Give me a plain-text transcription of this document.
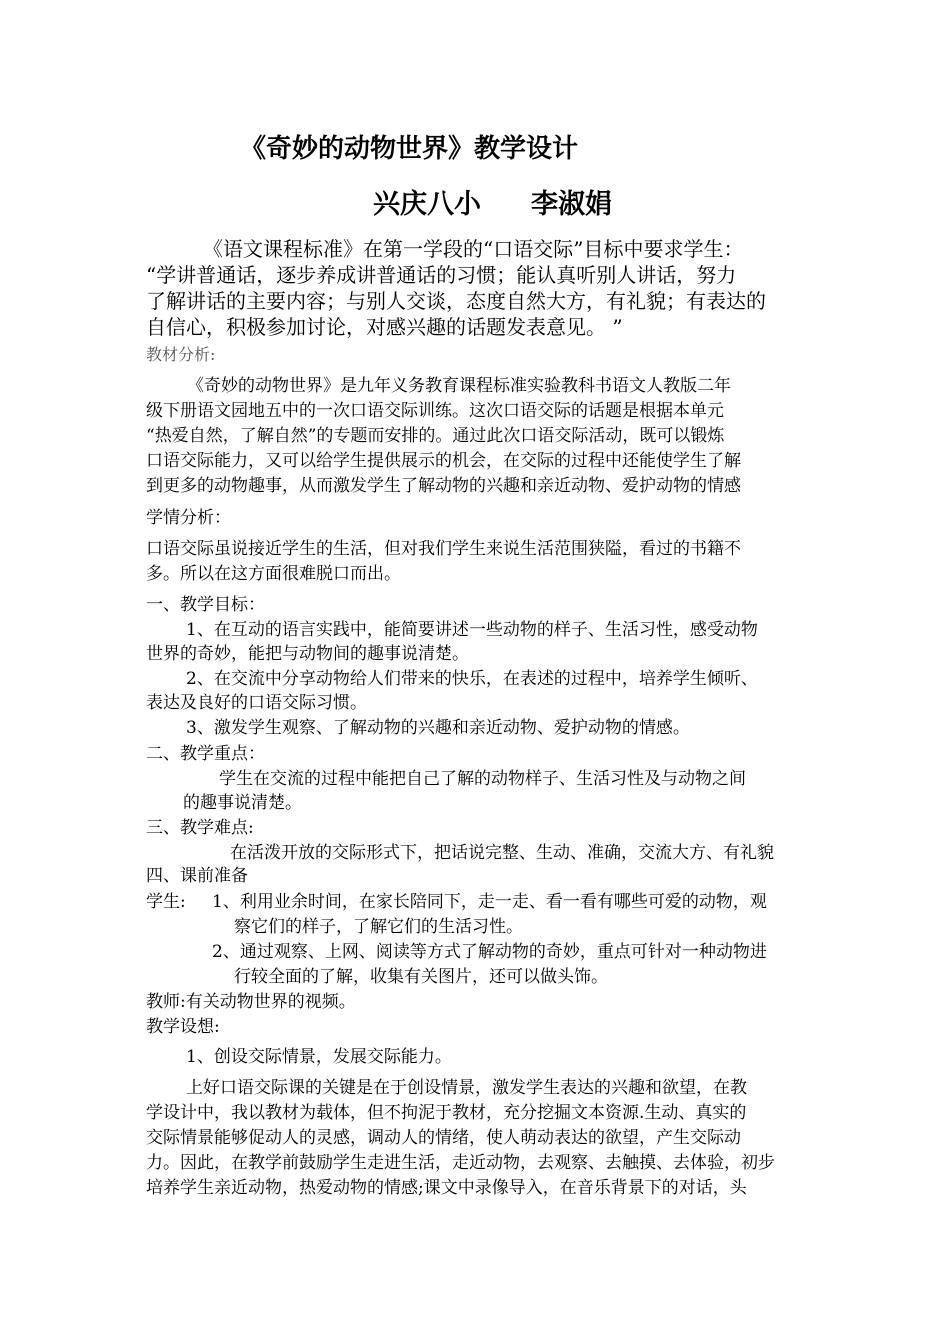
《奇妙的动物世界》教学设计
兴庆八小 李淑娟
《语文课程标准》在第一学段的“口语交际”目标中要求学生：
“学讲普通话，逐步养成讲普通话的习惯；能认真听别人讲话，努力
了解讲话的主要内容；与别人交谈，态度自然大方，有礼貌；有表达的
自信心，积极参加讨论，对感兴趣的话题发表意见。 ”
教材分析:
《奇妙的动物世界》是九年义务教育课程标准实验教科书语文人教版二年
级下册语文园地五中的一次口语交际训练。这次口语交际的话题是根据本单元
“热爱自然，了解自然”的专题而安排的。通过此次口语交际活动，既可以锻炼
口语交际能力，又可以给学生提供展示的机会，在交际的过程中还能使学生了解
到更多的动物趣事，从而激发学生了解动物的兴趣和亲近动物、爱护动物的情感
学情分析：
口语交际虽说接近学生的生活，但对我们学生来说生活范围狭隘，看过的书籍不
多。所以在这方面很难脱口而出。
一、教学目标：
1、在互动的语言实践中，能简要讲述一些动物的样子、生活习性，感受动物
世界的奇妙，能把与动物间的趣事说清楚。
2、在交流中分享动物给人们带来的快乐，在表述的过程中，培养学生倾听、
表达及良好的口语交际习惯。
3、激发学生观察、了解动物的兴趣和亲近动物、爱护动物的情感。
二、教学重点：
学生在交流的过程中能把自己了解的动物样子、生活习性及与动物之间
的趣事说清楚。
三、教学难点:
在活泼开放的交际形式下，把话说完整、生动、准确，交流大方、有礼貌
四、课前准备
学生: 1、利用业余时间，在家长陪同下，走一走、看一看有哪些可爱的动物，观
察它们的样子，了解它们的生活习性。
2、通过观察、上网、阅读等方式了解动物的奇妙，重点可针对一种动物进
行较全面的了解，收集有关图片，还可以做头饰。
教师:有关动物世界的视频。
教学设想:
1、创设交际情景，发展交际能力。
上好口语交际课的关键是在于创设情景，激发学生表达的兴趣和欲望，在教
学设计中，我以教材为载体，但不拘泥于教材，充分挖掘文本资源.生动、真实的
交际情景能够促动人的灵感，调动人的情绪，使人萌动表达的欲望，产生交际动
力。因此，在教学前鼓励学生走进生活，走近动物，去观察、去触摸、去体验，初步
培养学生亲近动物，热爱动物的情感;课文中录像导入，在音乐背景下的对话，头
